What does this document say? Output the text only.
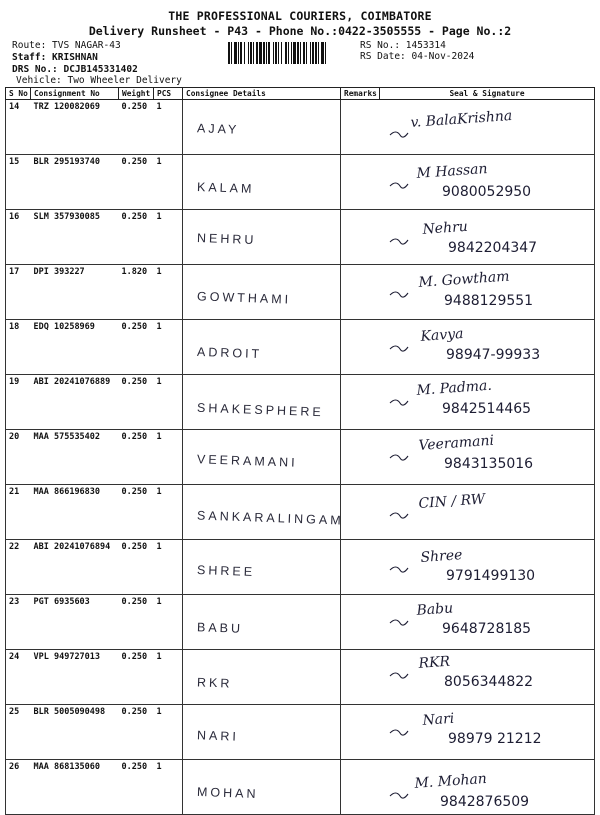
THE PROFESSIONAL COURIERS, COIMBATORE
Delivery Runsheet - P43 - Phone No.:0422-3505555 - Page No.:2
Route: TVS NAGAR-43
Staff: KRISHNAN
DRS No.: DCJB145331402
Vehicle: Two Wheeler Delivery
RS No.: 1453314
RS Date: 04-Nov-2024
S No	Consignment No	Weight	PCS	Consignee Details	Remarks	Seal & Signature
14	TRZ 120082069	0.250	1	AJAY		v. BalaKrishna

15	BLR 295193740	0.250	1	KALAM		M Hassan
9080052950

16	SLM 357930085	0.250	1	NEHRU		Nehru
9842204347

17	DPI 393227	1.820	1	GOWTHAMI		M. Gowtham
9488129551

18	EDQ 10258969	0.250	1	ADROIT		Kavya
98947-99933

19	ABI 20241076889	0.250	1	SHAKESPHERE		M. Padma.
9842514465

20	MAA 575535402	0.250	1	VEERAMANI		Veeramani
9843135016

21	MAA 866196830	0.250	1	SANKARALINGAM		CIN / RW

22	ABI 20241076894	0.250	1	SHREE		Shree
9791499130

23	PGT 6935603	0.250	1	BABU		Babu
9648728185

24	VPL 949727013	0.250	1	RKR		RKR
8056344822

25	BLR 5005090498	0.250	1	NARI		Nari
98979 21212

26	MAA 868135060	0.250	1	MOHAN		M. Mohan
9842876509
